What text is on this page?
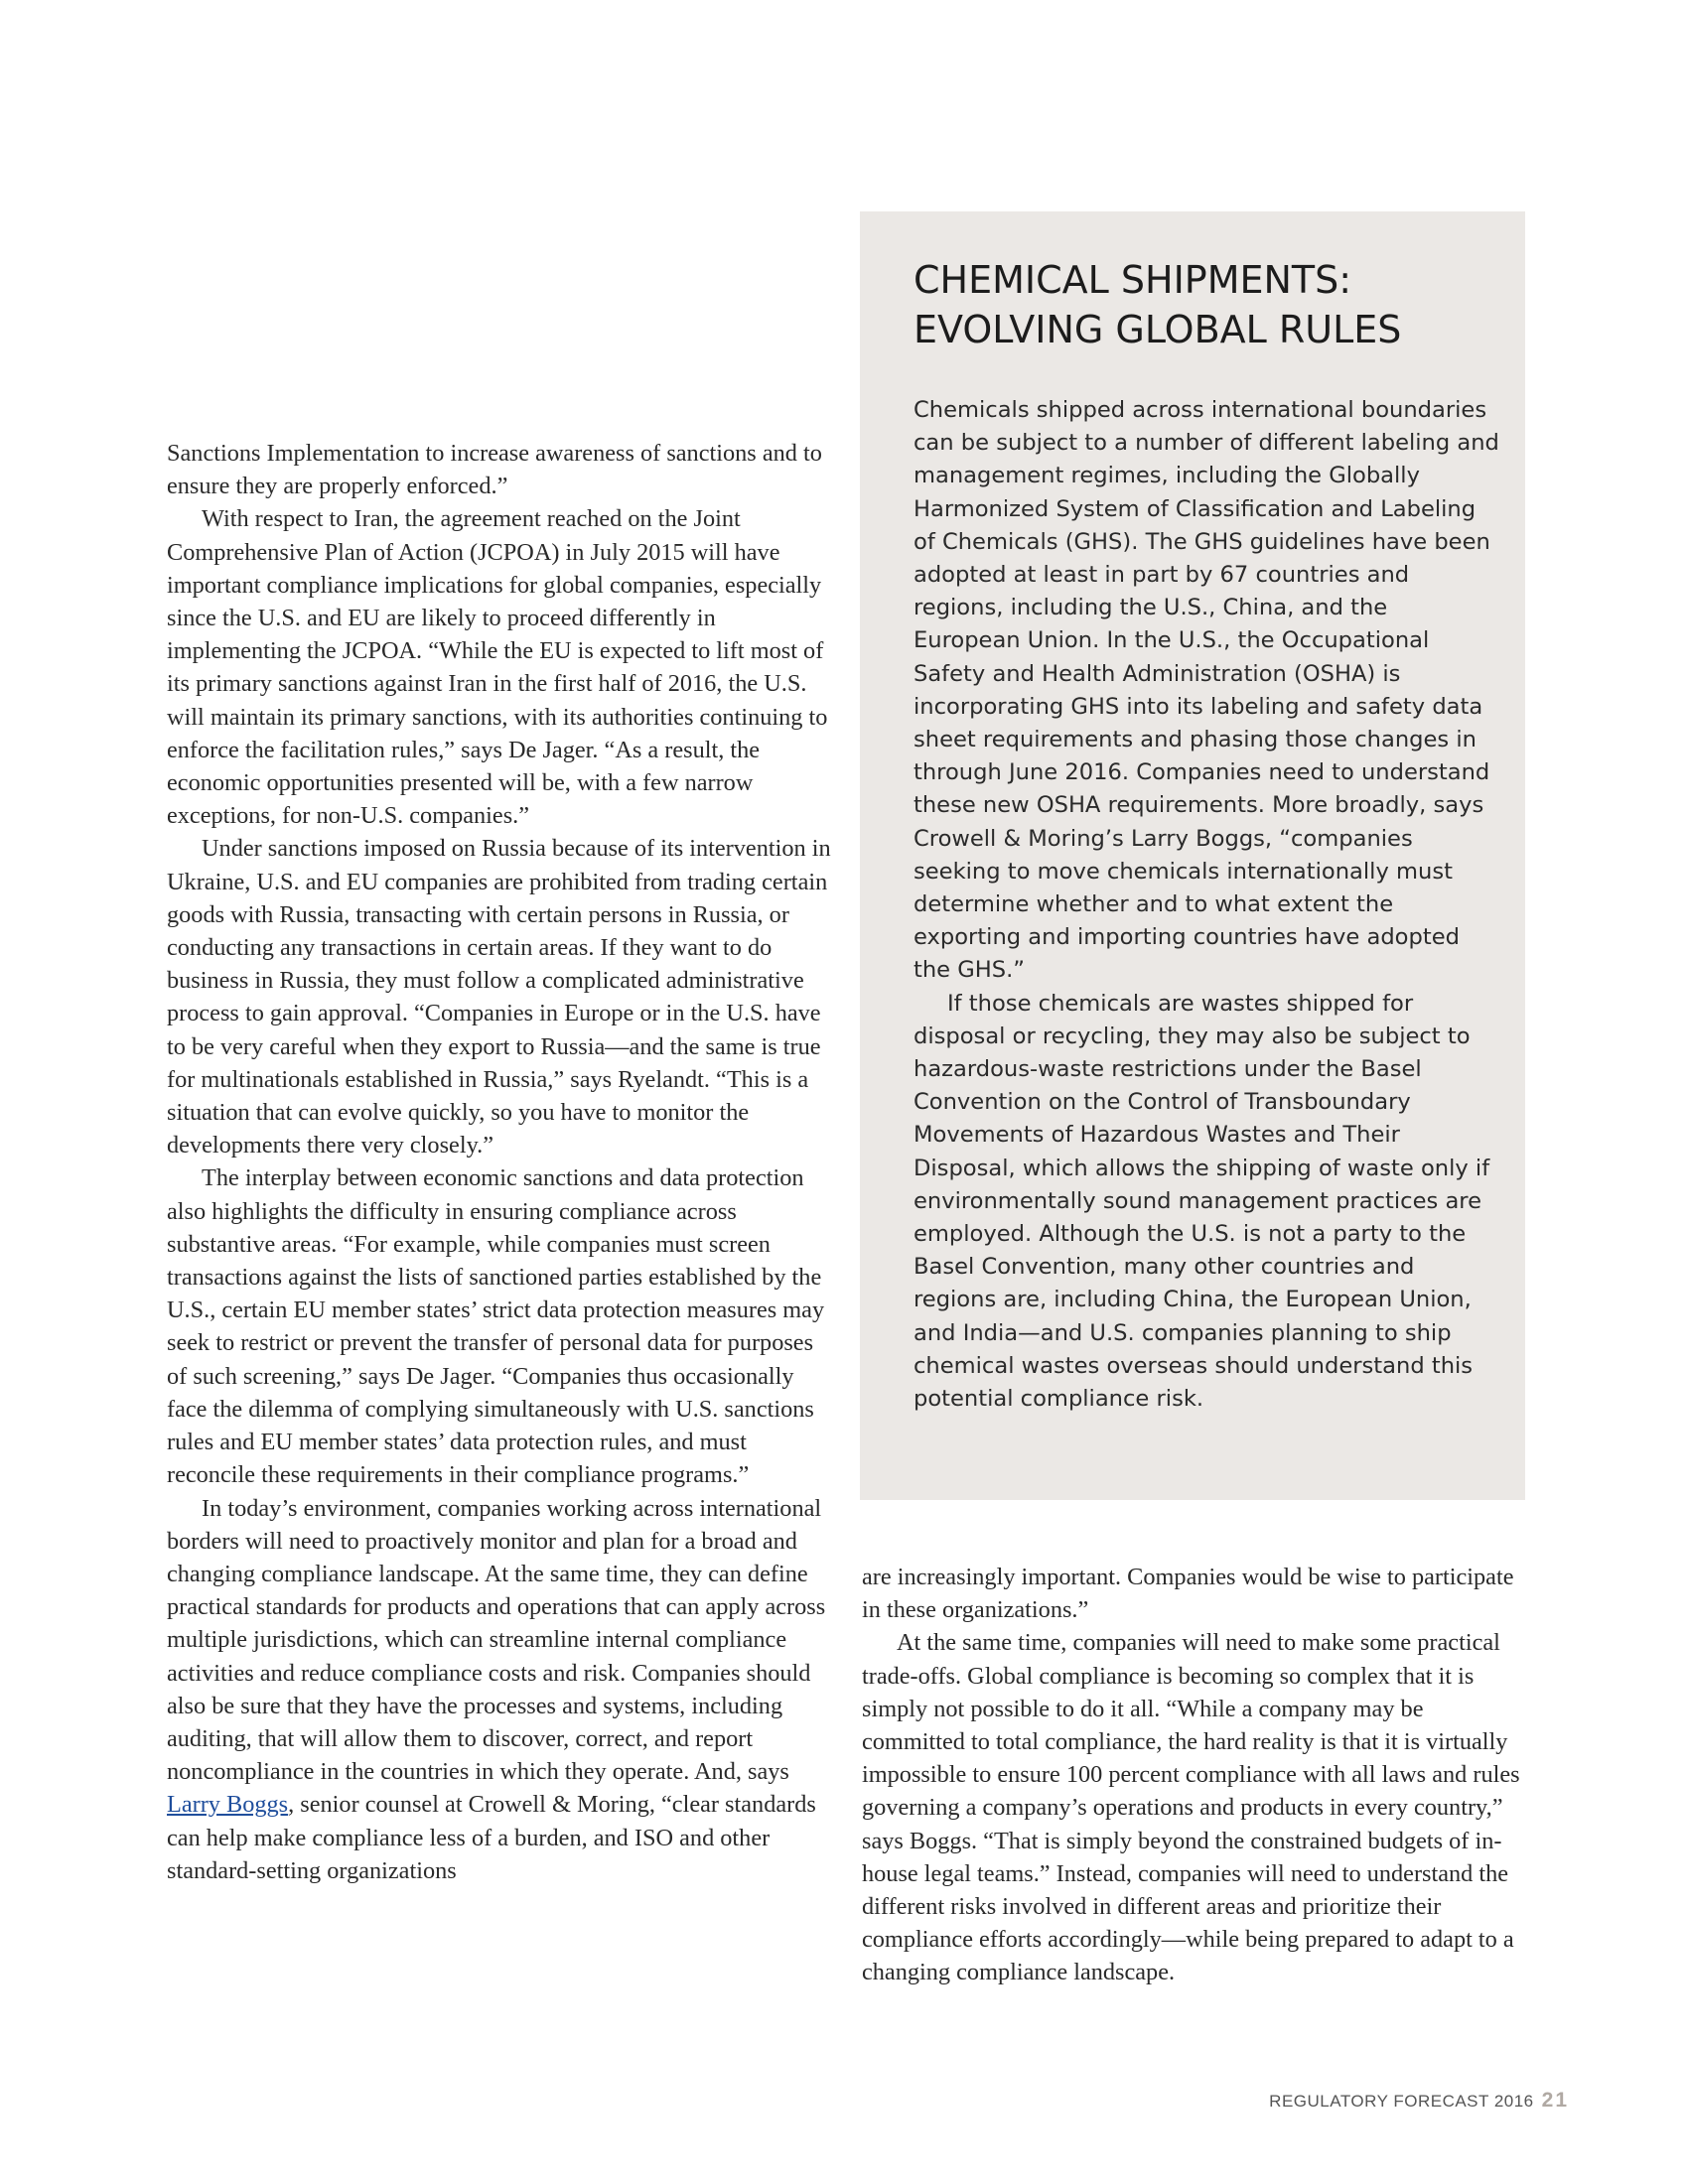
Sanctions Implementation to increase awareness of sanctions and to ensure they are properly enforced.”

With respect to Iran, the agreement reached on the Joint Comprehensive Plan of Action (JCPOA) in July 2015 will have important compliance implications for global companies, especially since the U.S. and EU are likely to proceed differently in implementing the JCPOA. “While the EU is expected to lift most of its primary sanctions against Iran in the first half of 2016, the U.S. will maintain its primary sanctions, with its authorities continuing to enforce the facilitation rules,” says De Jager. “As a result, the economic opportunities presented will be, with a few narrow exceptions, for non-U.S. companies.”

Under sanctions imposed on Russia because of its intervention in Ukraine, U.S. and EU companies are prohibited from trading certain goods with Russia, transacting with certain persons in Russia, or conducting any transactions in certain areas. If they want to do business in Russia, they must follow a complicated administrative process to gain approval. “Companies in Europe or in the U.S. have to be very careful when they export to Russia—and the same is true for multinationals established in Russia,” says Ryelandt. “This is a situation that can evolve quickly, so you have to monitor the developments there very closely.”

The interplay between economic sanctions and data protection also highlights the difficulty in ensuring compliance across substantive areas. “For example, while companies must screen transactions against the lists of sanctioned parties established by the U.S., certain EU member states’ strict data protection measures may seek to restrict or prevent the transfer of personal data for purposes of such screening,” says De Jager. “Companies thus occasionally face the dilemma of complying simultaneously with U.S. sanctions rules and EU member states’ data protection rules, and must reconcile these requirements in their compliance programs.”

In today’s environment, companies working across international borders will need to proactively monitor and plan for a broad and changing compliance landscape. At the same time, they can define practical standards for products and operations that can apply across multiple jurisdictions, which can streamline internal compliance activities and reduce compliance costs and risk. Companies should also be sure that they have the processes and systems, including auditing, that will allow them to discover, correct, and report noncompliance in the countries in which they operate. And, says Larry Boggs, senior counsel at Crowell & Moring, “clear standards can help make compliance less of a burden, and ISO and other standard-setting organizations

CHEMICAL SHIPMENTS:
EVOLVING GLOBAL RULES

Chemicals shipped across international boundaries can be subject to a number of different labeling and management regimes, including the Globally Harmonized System of Classification and Labeling of Chemicals (GHS). The GHS guidelines have been adopted at least in part by 67 countries and regions, including the U.S., China, and the European Union. In the U.S., the Occupational Safety and Health Administration (OSHA) is incorporating GHS into its labeling and safety data sheet requirements and phasing those changes in through June 2016. Companies need to understand these new OSHA requirements. More broadly, says Crowell & Moring’s Larry Boggs, “companies seeking to move chemicals internationally must determine whether and to what extent the exporting and importing countries have adopted the GHS.”

If those chemicals are wastes shipped for disposal or recycling, they may also be subject to hazardous-waste restrictions under the Basel Convention on the Control of Transboundary Movements of Hazardous Wastes and Their Disposal, which allows the shipping of waste only if environmentally sound management practices are employed. Although the U.S. is not a party to the Basel Convention, many other countries and regions are, including China, the European Union, and India—and U.S. companies planning to ship chemical wastes overseas should understand this potential compliance risk.

are increasingly important. Companies would be wise to participate in these organizations.”

At the same time, companies will need to make some practical trade-offs. Global compliance is becoming so complex that it is simply not possible to do it all. “While a company may be committed to total compliance, the hard reality is that it is virtually impossible to ensure 100 percent compliance with all laws and rules governing a company’s operations and products in every country,” says Boggs. “That is simply beyond the constrained budgets of in-house legal teams.” Instead, companies will need to understand the different risks involved in different areas and prioritize their compliance efforts accordingly—while being prepared to adapt to a changing compliance landscape.

REGULATORY FORECAST 2016 21
